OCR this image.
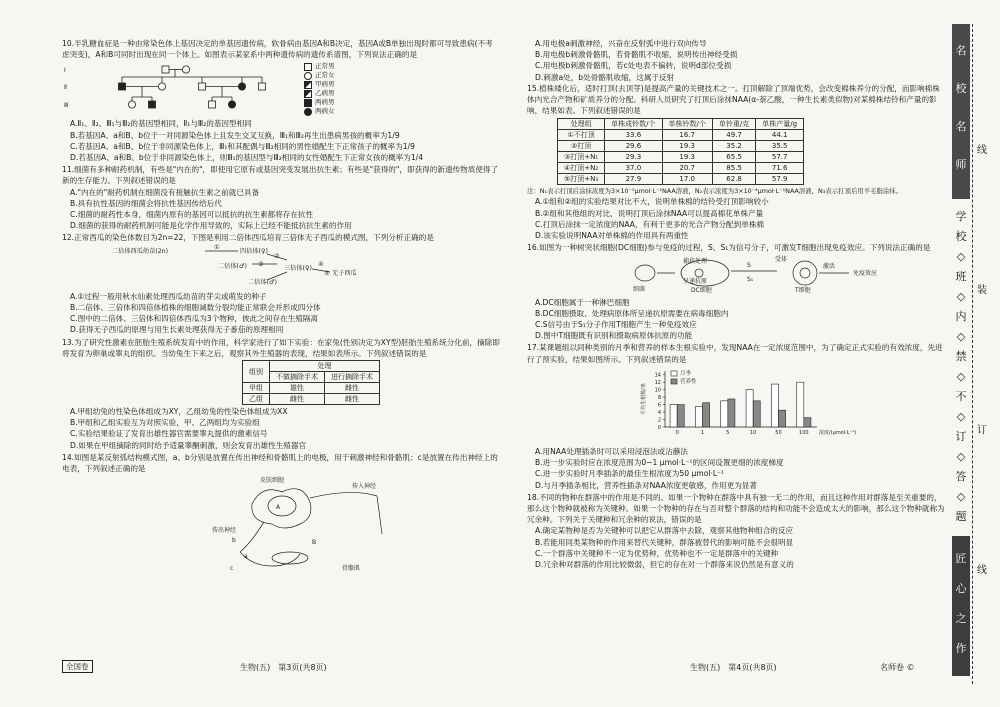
10.半乳糖血症是一种由常染色体上基因决定的单基因遗传病，软骨病由基因A和B决定，基因A或B单独出现时都可导致患病(不考虑突变)，A和B可同时出现在同一个体上。如图表示某家系中两种遗传病的遗传系谱图，下列说法正确的是
Ⅰ
Ⅱ
Ⅲ
正常男
正常女
甲病男
乙病男
两病男
两病女
A.Ⅱ₁、Ⅱ₂、Ⅲ₁与Ⅲ₂的基因型相同，Ⅱ₁与Ⅲ₂的基因型相同
B.若基因A、a和B、b位于一对同源染色体上且发生交叉互换，Ⅲ₁和Ⅲ₂再生出患病男孩的概率为1/9
C.若基因A、a和B、b位于非同源染色体上，Ⅲ₁和其配偶与Ⅲ₂相同的男性婚配生下正常孩子的概率为1/9
D.若基因A、a和B、b位于非同源染色体上，则Ⅲ₁的基因型与Ⅲ₂相同的女性婚配生下正常女孩的概率为1/4
11.细菌有多种耐药机制，有些是"内在的"，即使用它原有或基因突变发展出抗生素；有些是"获得的"，即获得的新遗传物质使得了新的生存能力。下列叙述错误的是
A."内在的"耐药机制在细菌没有接触抗生素之前就已具备
B.具有抗性基因的细菌会将抗性基因传给后代
C.细菌的耐药性本身，细菌内原有的基因可以抵抗的抗生素都将存在抗性
D.细菌的获得的耐药机制可能是化学作用导致的，实际上已经不能抵抗抗生素的作用
12.正常西瓜的染色体数目为2n=22，下图是利用二倍体西瓜培育三倍体无子西瓜的模式图，下列分析正确的是
二倍体西瓜幼苗(2n)
①
四倍体(♀)
②
二倍体(♂) ③
三倍体(♀)
④
⑤ 无子西瓜
二倍体(♂)
A.①过程一般用秋水仙素处理西瓜幼苗的芽尖或萌发的种子
B.二倍体、三倍体和四倍体植株的细胞减数分裂均能正常联会并形成四分体
C.图中的二倍体、三倍体和四倍体西瓜为3个物种，彼此之间存在生殖隔离
D.获得无子西瓜的原理与用生长素处理获得无子番茄的原理相同
13.为了研究性激素在胚胎生殖系统发育中的作用，科学家进行了如下实验：在家兔(性别决定为XY型)胚胎生殖系统分化前，摘除即将发育为卵巢或睾丸的组织。当幼兔生下来之后，观察其外生殖器的表现，结果如表所示。下列叙述错误的是
组别	处理	
	不做摘除手术	进行摘除手术
甲组	雄性	雌性
乙组	雌性	雌性
A.甲组幼兔的性染色体组成为XY，乙组幼兔的性染色体组成为XX
B.甲组和乙组实验互为对照实验，甲、乙两组均为实验组
C.实验结果验证了发育出雄性器官需要睾丸提供的激素信号
D.如果在甲组摘除的同时给予适量睾酮刺激，则会发育出雄性生殖器官
14.如图是某反射弧结构模式图，a、b分别是放置在传出神经和骨骼肌上的电极，用于刺激神经和骨骼肌；c是放置在传出神经上的电表，下列叙述正确的是
皮肤细胞
A
传入神经
传出神经
b
a
骨骼肌
c
B
全国卷	生物(五)　第3页(共8页)
A.用电极a刺激神经，兴奋在反射弧中进行双向传导
B.用电极b刺激骨骼肌，若骨骼肌不收缩，说明传出神经受损
C.用电极b刺激骨骼肌，若c处电表不偏转，说明d部位受损
D.刺激a处，b处骨骼肌收缩，这属于反射
15.植株矮化后，适时打顶(去顶芽)是提高产量的关键技术之一。打顶解除了顶端优势，会改变棉株养分的分配，而影响棉株体内光合产物和矿质养分的分配。科研人员研究了打顶后涂抹NAA(α-萘乙酸，一种生长素类似物)对某棉株结铃和产量的影响，结果如表。下列叙述错误的是
处理组	单株成铃数/个	单株铃数/个	单铃重/克	单株产量/g
①不打顶	33.6	16.7	49.7	44.1
②打顶	29.6	19.3	35.2	35.5
③打顶+N₁	29.3	19.3	65.5	57.7
④打顶+N₂	37.0	20.7	85.5	71.6
⑤打顶+N₃	27.9	17.0	62.8	57.9
注：N₁表示打顶后涂抹浓度为3×10⁻⁵μmol·L⁻¹NAA溶液，N₂表示浓度为3×10⁻⁴μmol·L⁻¹NAA溶液，N₃表示打顶后用羊毛脂涂抹。
A.①组和②组的实验结果对比不大，说明单株棉的结铃受打顶影响较小
B.②组和其他组的对比，说明打顶后涂抹NAA可以提高棉花单株产量
C.打顶后涂抹一定浓度的NAA，有利于更多的光合产物分配到单株棉
D.该实验说明NAA对单株棉的作用具有两重性
16.如图为一种树突状细胞(DC细胞)参与免疫的过程，S、S₁为信号分子，可激发T细胞出现免疫效应。下列说法正确的是
细菌
捕获处理
呈递抗原
DC细胞
受体
S
S₁
T细胞
激活
免疫效应
A.DC细胞属于一种淋巴细胞
B.DC细胞摄取、处理病原体所呈递抗原需要在病毒细胞内
C.S信号由于S₁分子作用T细胞产生一种免疫效应
D.图中T细胞既有识别和摄取病原体抗原的功能
17.某课题组以同种类别的月季和营养的样本生根实验中，发现NAA在一定浓度范围中，为了确定正式实验的有效浓度，先进行了预实验，结果如图所示。下列叙述错误的是
0
2
4
6
8
10
12
14
0	1	5	10	50	100 浓度/(μmol·L⁻¹)
平均生根数/条
月季
营养性
A.用NAA处理插条时可以采用浸泡法或沾蘸法
B.进一步实验时应在浓度范围为0~1 μmol·L⁻¹的区间设置更细的浓度梯度
C.进一步实验时月季插条的最佳生根浓度为50 μmol·L⁻¹
D.与月季插条相比，营养性插条对NAA浓度更敏感，作用更为显著
18.不同的物种在群落中的作用是不同的。如果一个物种在群落中具有独一无二的作用，而且这种作用对群落是至关重要的，那么这个物种就被称为关键种。如果一个物种的存在与否对整个群落的结构和功能不会造成太大的影响，那么这个物种就称为冗余种。下列关于关键种和冗余种的说法，错误的是
A.确定某物种是否为关键种可以把它从群落中去除，观察其他物种组合的反应
B.若能用同类某物种的作用来替代关键种，群落被替代的影响可能不会很明显
C.一个群落中关键种不一定为优势种，优势种也不一定是群落中的关键种
D.冗余种对群落的作用比较微弱，但它的存在对一个群落来说仍然是有意义的
生物(五)　第4页(共8页)	名师卷 ©
名
校
名
师
匠
心
之
作
学
校
◇
班
◇
内
◇
禁
◇
不
◇
订
◇
答
◇
题
线
装
订
线
